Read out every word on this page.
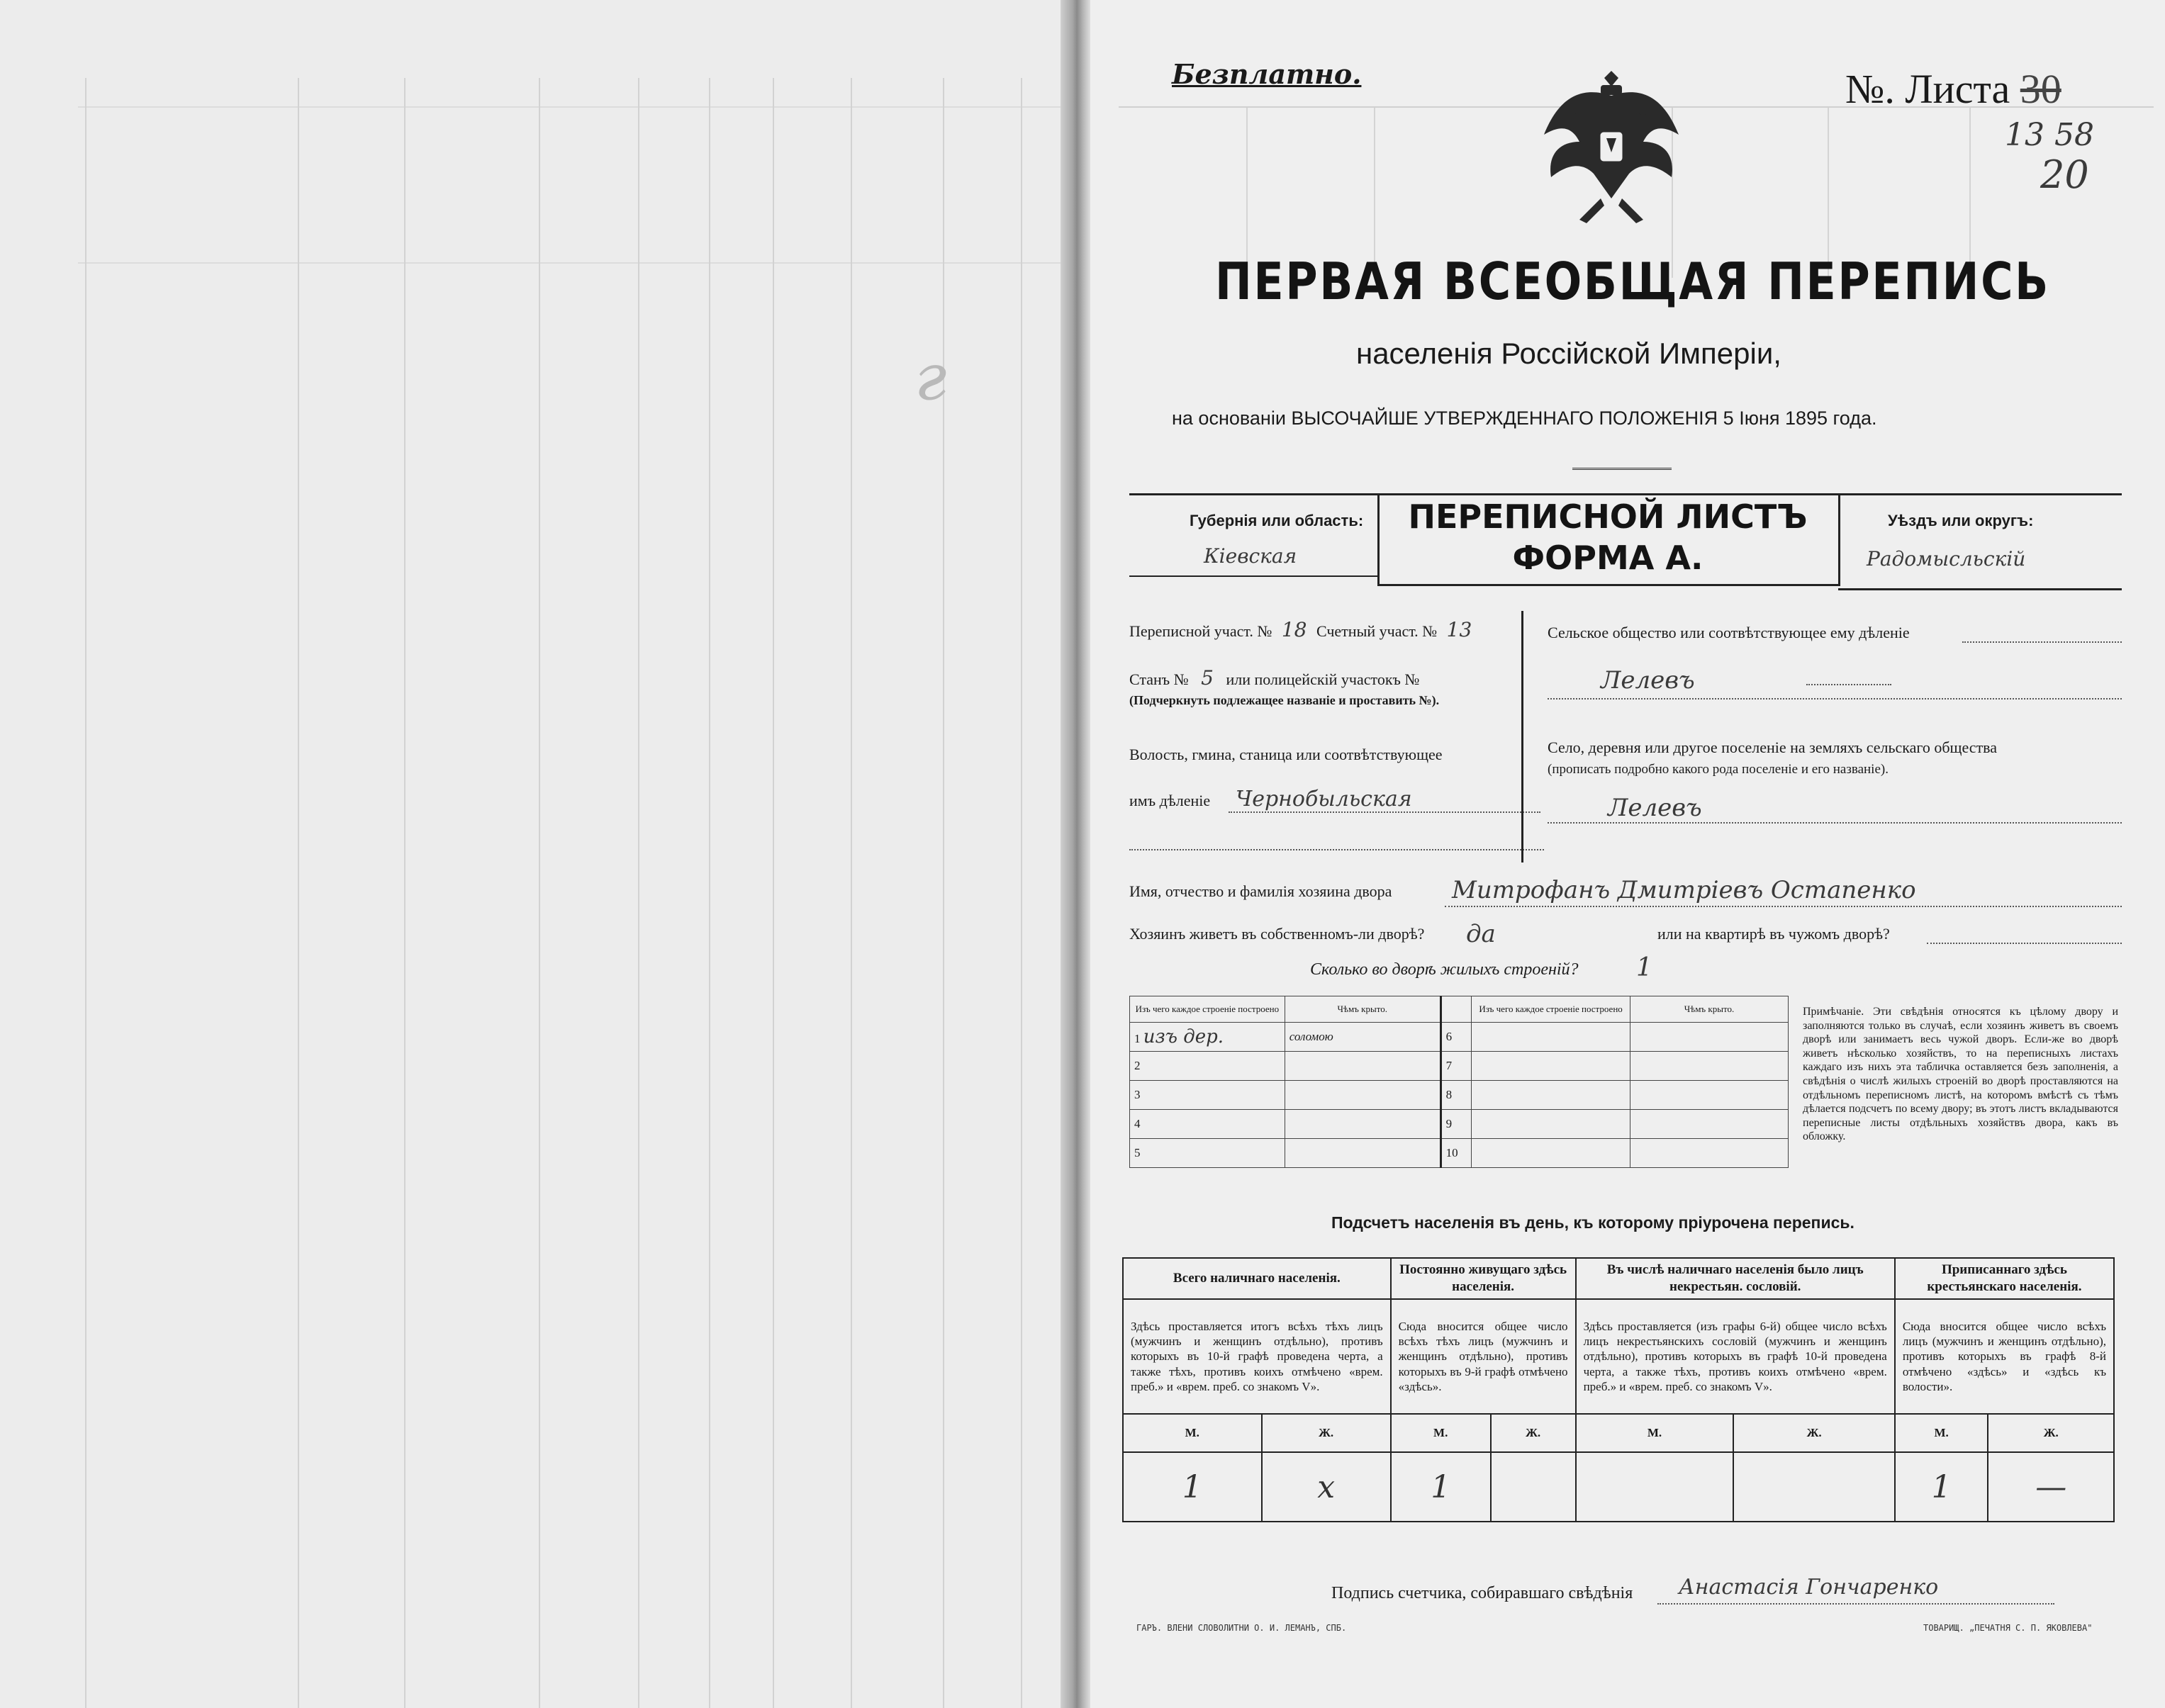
г
Безплатно.	№. Листа 30
13 58
20
ПЕРВАЯ ВСЕОБЩАЯ ПЕРЕПИСЬ
населенія Россійской Имперіи,
на основаніи ВЫСОЧАЙШЕ УТВЕРЖДЕННАГО ПОЛОЖЕНІЯ 5 Іюня 1895 года.
Губернія или область:
Кіевская
ПЕРЕПИСНОЙ ЛИСТЪ
ФОРМА А.
Уѣздъ или округъ:
Радомысльскій
Переписной участ. № 18 Счетный участ. № 13
Станъ № 5 или полицейскій участокъ №
(Подчеркнуть подлежащее названіе и проставить №).
Волость, гмина, станица или соотвѣтствующее
имъ дѣленіе Чернобыльская
Сельское общество или соотвѣтствующее ему дѣленіе
Лелевъ
Село, деревня или другое поселеніе на земляхъ сельскаго общества
(прописать подробно какого рода поселеніе и его названіе).
Лелевъ
Имя, отчество и фамилія хозяина двора Митрофанъ Дмитріевъ Остапенко
Хозяинъ живетъ въ собственномъ-ли дворѣ? да	или на квартирѣ въ чужомъ дворѣ?
Сколько во дворѣ жилыхъ строеній? 1
Изъ чего каждое строеніе построено	Чѣмъ крыто.		Изъ чего каждое строеніе построено	Чѣмъ крыто.
1 изъ дер.	соломою	6		
2		7		
3		8		
4		9		
5		10		
Примѣчаніе. Эти свѣдѣнія относятся къ цѣлому двору и заполняются только въ случаѣ, если хозяинъ живетъ въ своемъ дворѣ или занимаетъ весь чужой дворъ. Если-же во дворѣ живетъ нѣсколько хозяйствъ, то на переписныхъ листахъ каждаго изъ нихъ эта табличка оставляется безъ заполненія, а свѣдѣнія о числѣ жилыхъ строеній во дворѣ проставляются на отдѣльномъ переписномъ листѣ, на которомъ вмѣстѣ съ тѣмъ дѣлается подсчетъ по всему двору; въ этотъ листъ вкладываются переписные листы отдѣльныхъ хозяйствъ двора, какъ въ обложку.
Подсчетъ населенія въ день, къ которому пріурочена перепись.
Всего наличнаго населенія.		Постоянно живущаго здѣсь населенія.		Въ числѣ наличнаго населенія было лицъ некрестьян. сословій.		Приписаннаго здѣсь крестьянскаго населенія.	
Здѣсь проставляется итогъ всѣхъ тѣхъ лицъ (мужчинъ и женщинъ отдѣльно), противъ которыхъ въ 10-й графѣ проведена черта, а также тѣхъ, противъ коихъ отмѣчено «врем. преб.» и «врем. преб. со знакомъ V».		Сюда вносится общее число всѣхъ тѣхъ лицъ (мужчинъ и женщинъ отдѣльно), противъ которыхъ въ 9-й графѣ отмѣчено «здѣсь».		Здѣсь проставляется (изъ графы 6-й) общее число всѣхъ лицъ некрестьянскихъ сословій (мужчинъ и женщинъ отдѣльно), противъ которыхъ въ графѣ 10-й проведена черта, а также тѣхъ, противъ коихъ отмѣчено «врем. преб.» и «врем. преб. со знакомъ V».		Сюда вносится общее число всѣхъ лицъ (мужчинъ и женщинъ отдѣльно), противъ которыхъ въ графѣ 8-й отмѣчено «здѣсь» и «здѣсь къ волости».	
М.	Ж.	М.	Ж.	М.	Ж.	М.	Ж.
1	х	1				1	—
Подпись счетчика, собиравшаго свѣдѣнія Анастасія Гончаренко
ГАРЪ. ВЛЕНИ СЛОВОЛИТНИ О. И. ЛЕМАНЪ, СПБ.	ТОВАРИЩ. „ПЕЧАТНЯ С. П. ЯКОВЛЕВА"
